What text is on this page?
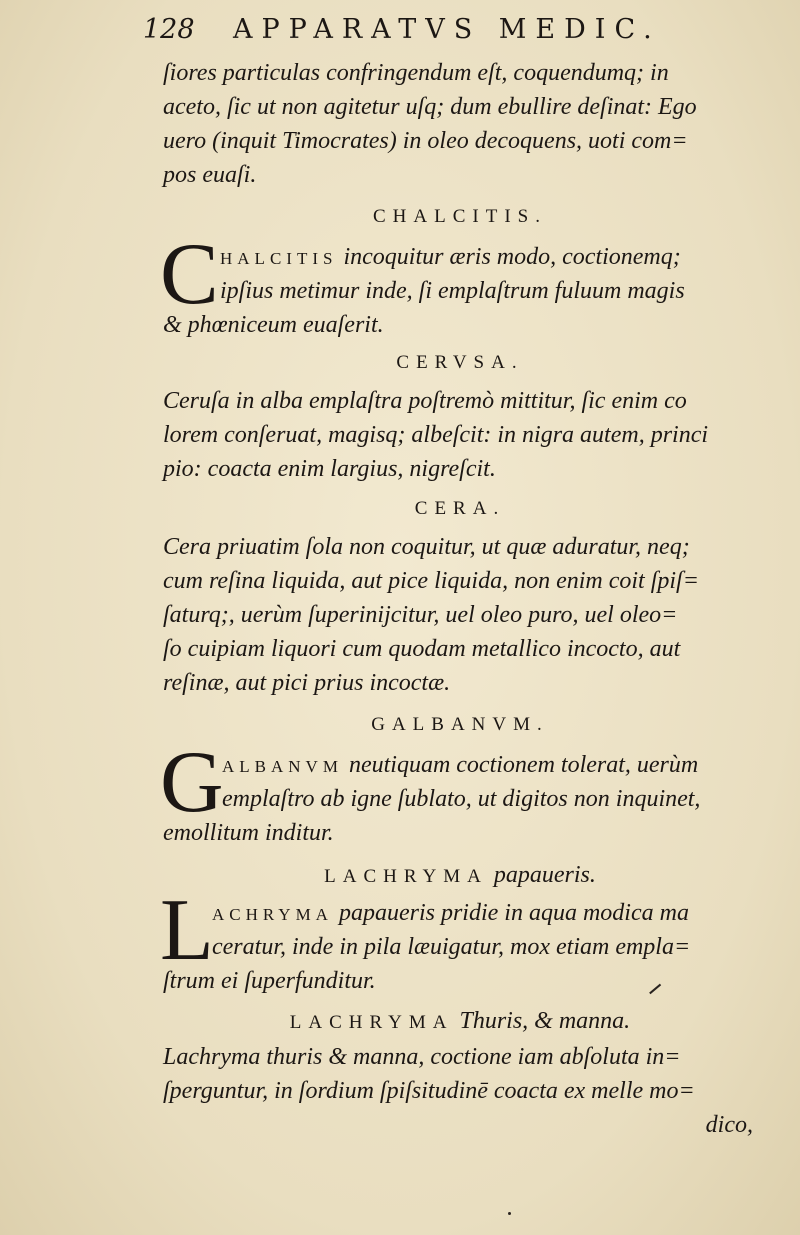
128 APPARATVS MEDIC.
ſiores particulas confringendum eſt, coquendumq; in
aceto, ſic ut non agitetur uſq; dum ebullire deſinat: Ego
uero (inquit Timocrates) in oleo decoquens, uoti com=
pos euaſi.
CHALCITIS.
C HALCITIS incoquitur æris modo, coctionemq;
ipſius metimur inde, ſi emplaſtrum fuluum magis
& phœniceum euaſerit.
CERVSA.
Ceruſa in alba emplaſtra poſtremò mittitur, ſic enim co
lorem conſeruat, magisq; albeſcit: in nigra autem, princi
pio: coacta enim largius, nigreſcit.
CERA.
Cera priuatim ſola non coquitur, ut quæ aduratur, neq;
cum reſina liquida, aut pice liquida, non enim coit ſpiſ=
ſaturq;, uerùm ſuperinijcitur, uel oleo puro, uel oleo=
ſo cuipiam liquori cum quodam metallico incocto, aut
reſinæ, aut pici prius incoctæ.
GALBANVM.
G
ALBANVM neutiquam coctionem tolerat, uerùm
emplaſtro ab igne ſublato, ut digitos non inquinet,
emollitum inditur.
LACHRYMA papaueris.
L
ACHRYMA papaueris pridie in aqua modica ma
ceratur, inde in pila læuigatur, mox etiam empla=
ſtrum ei ſuperfunditur.
LACHRYMA Thuris, & manna.
Lachryma thuris & manna, coctione iam abſoluta in=
ſperguntur, in ſordium ſpiſsitudinē coacta ex melle mo=
dico,
